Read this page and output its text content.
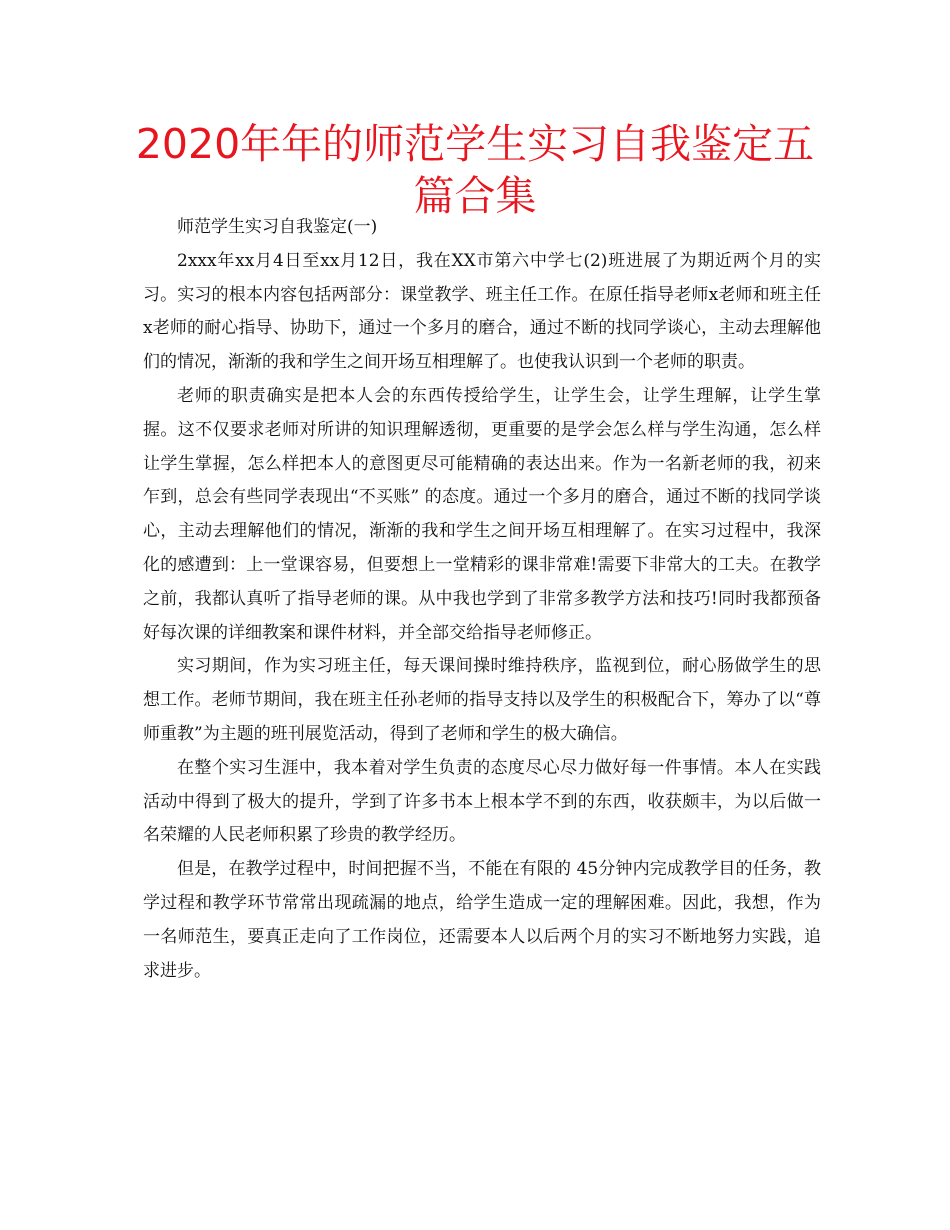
2020年年的师范学生实习自我鉴定五篇合集

师范学生实习自我鉴定(一)

2xxx年xx月4日至xx月12日，我在XX市第六中学七(2)班进展了为期近两个月的实习。实习的根本内容包括两部分：课堂教学、班主任工作。在原任指导老师x老师和班主任x老师的耐心指导、协助下，通过一个多月的磨合，通过不断的找同学谈心，主动去理解他们的情况，渐渐的我和学生之间开场互相理解了。也使我认识到一个老师的职责。

老师的职责确实是把本人会的东西传授给学生，让学生会，让学生理解，让学生掌握。这不仅要求老师对所讲的知识理解透彻，更重要的是学会怎么样与学生沟通，怎么样让学生掌握，怎么样把本人的意图更尽可能精确的表达出来。作为一名新老师的我，初来乍到，总会有些同学表现出“不买账” 的态度。通过一个多月的磨合，通过不断的找同学谈心，主动去理解他们的情况，渐渐的我和学生之间开场互相理解了。在实习过程中，我深化的感遭到：上一堂课容易，但要想上一堂精彩的课非常难!需要下非常大的工夫。在教学之前，我都认真听了指导老师的课。从中我也学到了非常多教学方法和技巧!同时我都预备好每次课的详细教案和课件材料，并全部交给指导老师修正。

实习期间，作为实习班主任，每天课间操时维持秩序，监视到位，耐心肠做学生的思想工作。老师节期间，我在班主任孙老师的指导支持以及学生的积极配合下，筹办了以“尊师重教”为主题的班刊展览活动，得到了老师和学生的极大确信。

在整个实习生涯中，我本着对学生负责的态度尽心尽力做好每一件事情。本人在实践活动中得到了极大的提升，学到了许多书本上根本学不到的东西，收获颇丰，为以后做一名荣耀的人民老师积累了珍贵的教学经历。

但是，在教学过程中，时间把握不当，不能在有限的 45分钟内完成教学目的任务，教学过程和教学环节常常出现疏漏的地点，给学生造成一定的理解困难。因此，我想，作为一名师范生，要真正走向了工作岗位，还需要本人以后两个月的实习不断地努力实践，追求进步。
